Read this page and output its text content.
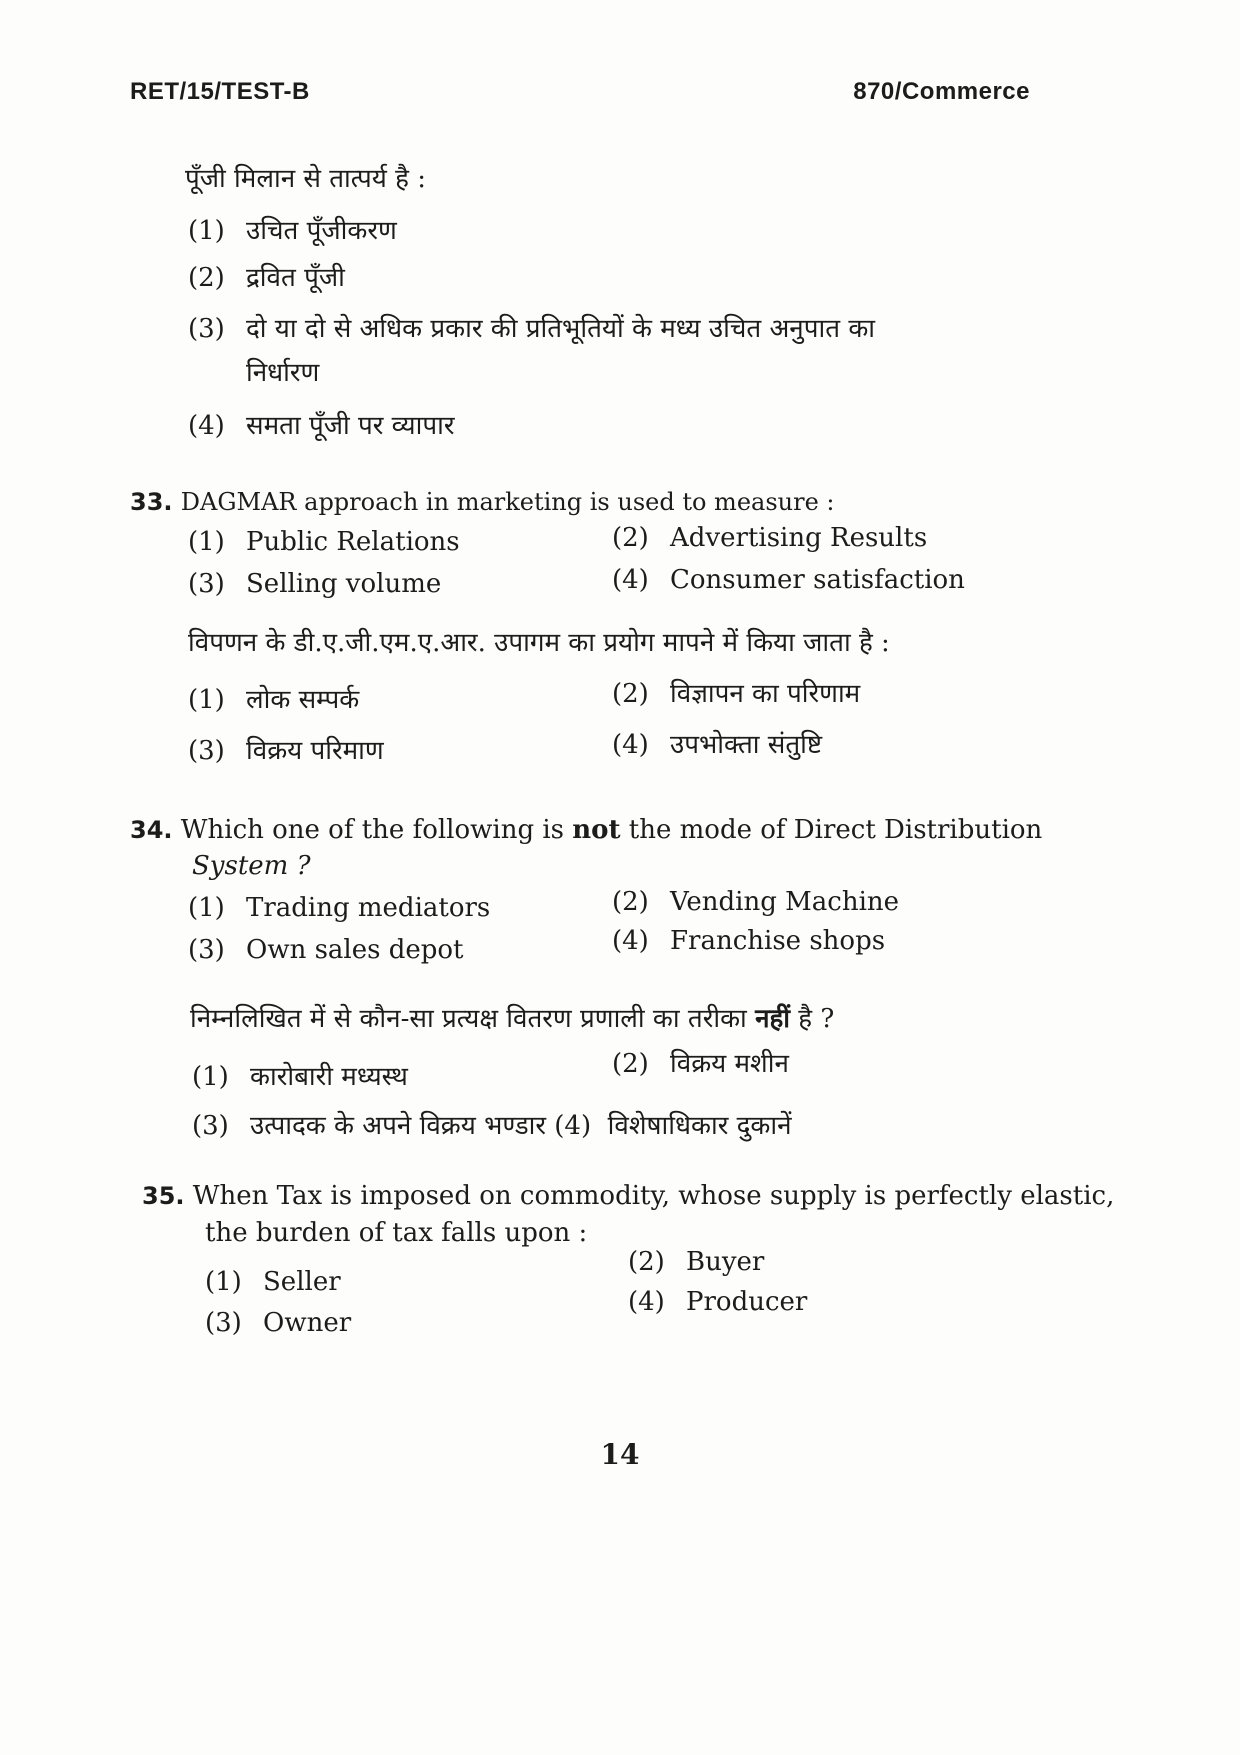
RET/15/TEST-B	870/Commerce
पूँजी मिलान से तात्पर्य है :
(1) उचित पूँजीकरण
(2) द्रवित पूँजी
(3) दो या दो से अधिक प्रकार की प्रतिभूतियों के मध्य उचित अनुपात का
निर्धारण
(4) समता पूँजी पर व्यापार
33. DAGMAR approach in marketing is used to measure :
(1) Public Relations	(2) Advertising Results
(3) Selling volume	(4) Consumer satisfaction
विपणन के डी.ए.जी.एम.ए.आर. उपागम का प्रयोग मापने में किया जाता है :
(1) लोक सम्पर्क	(2) विज्ञापन का परिणाम
(3) विक्रय परिमाण	(4) उपभोक्ता संतुष्टि
34. Which one of the following is not the mode of Direct Distribution
System ?
(1) Trading mediators	(2) Vending Machine
(3) Own sales depot	(4) Franchise shops
निम्नलिखित में से कौन-सा प्रत्यक्ष वितरण प्रणाली का तरीका नहीं है ?
(1) कारोबारी मध्यस्थ	(2) विक्रय मशीन
(3) उत्पादक के अपने विक्रय भण्डार (4) विशेषाधिकार दुकानें
35. When Tax is imposed on commodity, whose supply is perfectly elastic,
the burden of tax falls upon :
(1) Seller
(2) Buyer
(3) Owner
(4) Producer
14
